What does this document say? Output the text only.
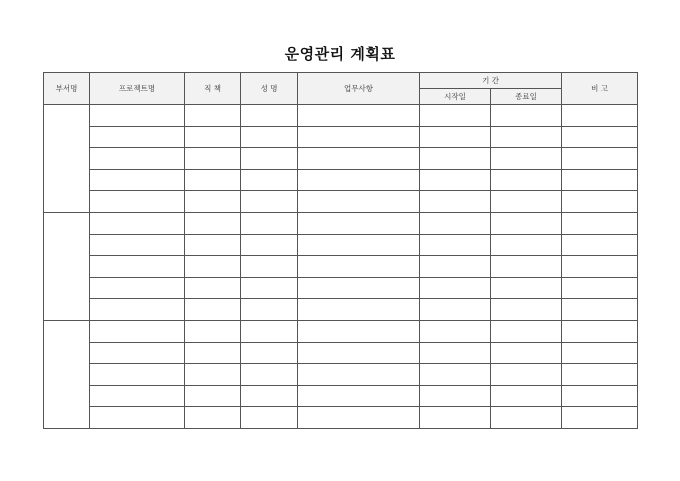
운영관리 계획표
부서명	프로젝트명	직 책	성 명	업무사항	기 간		비 고
					시작일	종료일	
